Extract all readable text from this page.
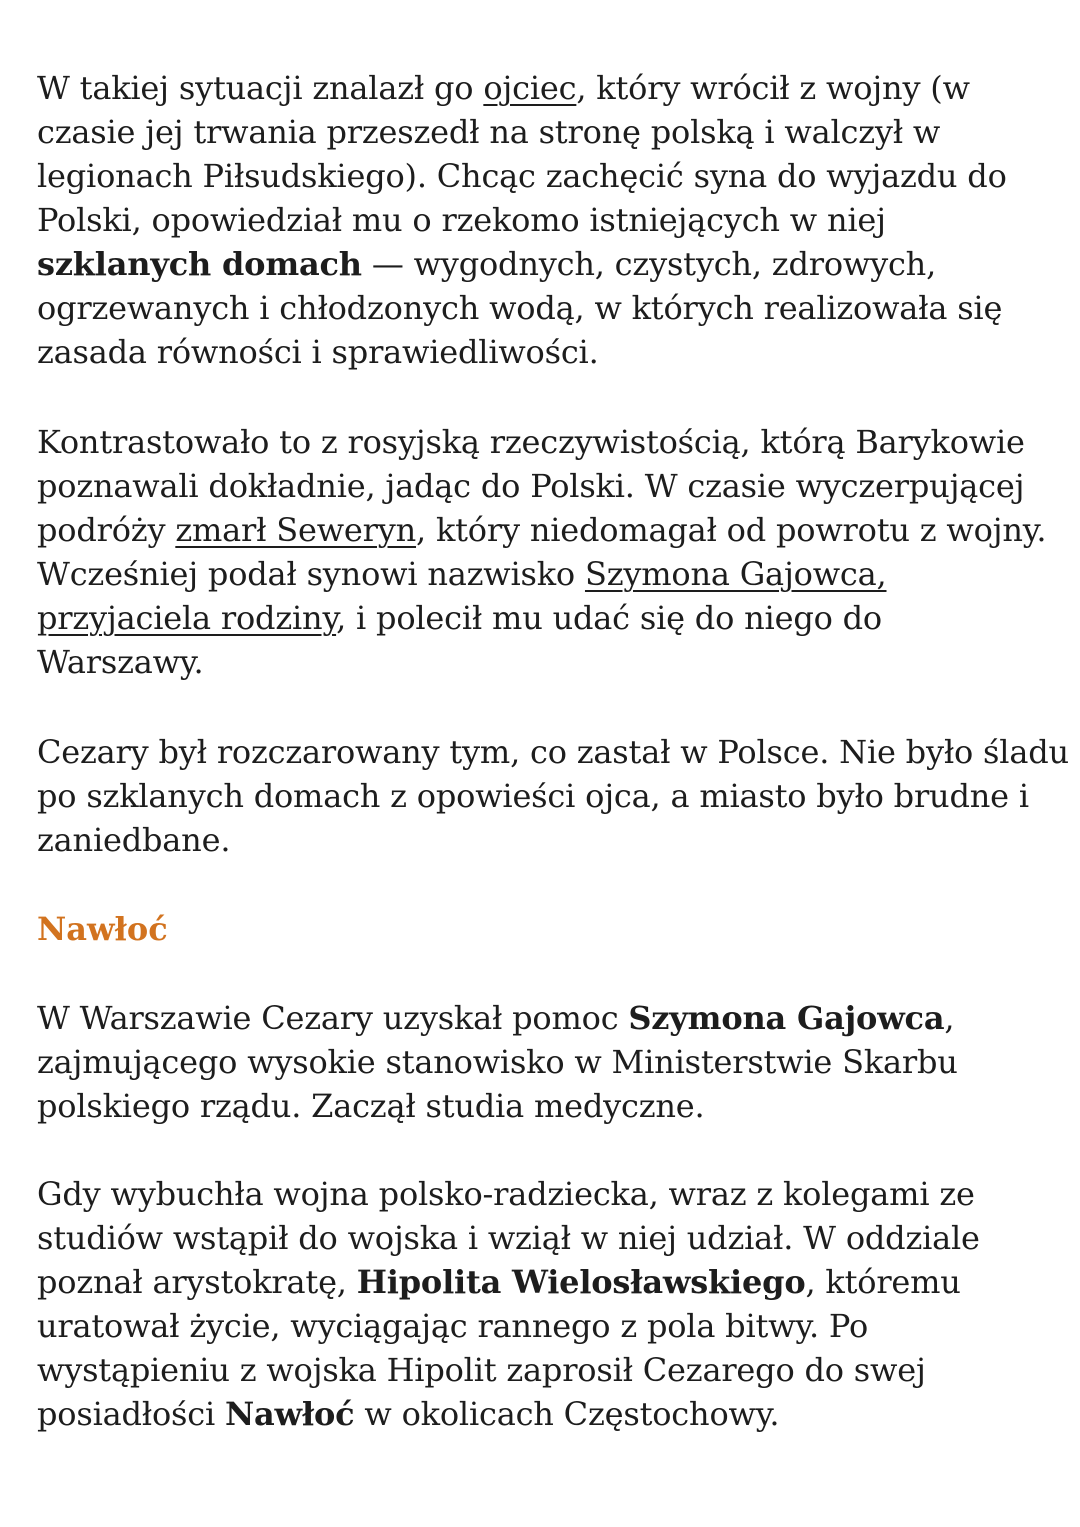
W takiej sytuacji znalazł go ojciec, który wrócił z wojny (w
czasie jej trwania przeszedł na stronę polską i walczył w
legionach Piłsudskiego). Chcąc zachęcić syna do wyjazdu do
Polski, opowiedział mu o rzekomo istniejących w niej
szklanych domach — wygodnych, czystych, zdrowych,
ogrzewanych i chłodzonych wodą, w których realizowała się
zasada równości i sprawiedliwości.

Kontrastowało to z rosyjską rzeczywistością, którą Barykowie
poznawali dokładnie, jadąc do Polski. W czasie wyczerpującej
podróży zmarł Seweryn, który niedomagał od powrotu z wojny.
Wcześniej podał synowi nazwisko Szymona Gajowca,
przyjaciela rodziny, i polecił mu udać się do niego do
Warszawy.

Cezary był rozczarowany tym, co zastał w Polsce. Nie było śladu
po szklanych domach z opowieści ojca, a miasto było brudne i
zaniedbane.

Nawłoć

W Warszawie Cezary uzyskał pomoc Szymona Gajowca,
zajmującego wysokie stanowisko w Ministerstwie Skarbu
polskiego rządu. Zaczął studia medyczne.

Gdy wybuchła wojna polsko-radziecka, wraz z kolegami ze
studiów wstąpił do wojska i wziął w niej udział. W oddziale
poznał arystokratę, Hipolita Wielosławskiego, któremu
uratował życie, wyciągając rannego z pola bitwy. Po
wystąpieniu z wojska Hipolit zaprosił Cezarego do swej
posiadłości Nawłoć w okolicach Częstochowy.
